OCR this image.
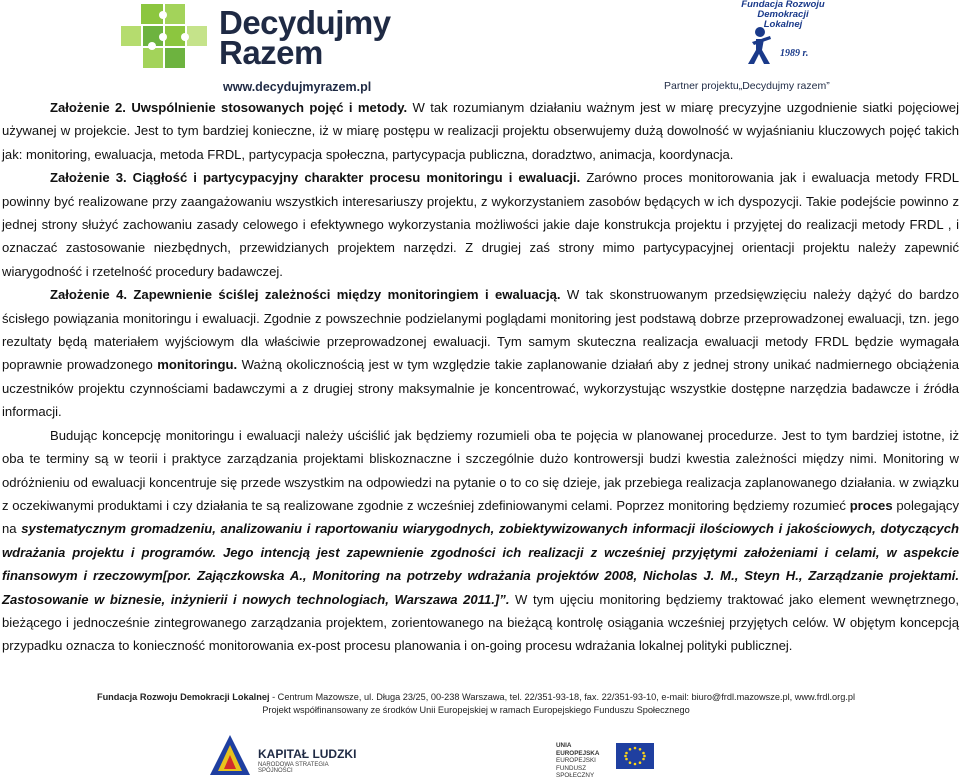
Decydujmy
Razem
www.decydujmyrazem.pl
Fundacja Rozwoju Demokracji Lokalnej
1989 r.
Partner projektu„Decydujmy razem”

Założenie 2. Uwspólnienie stosowanych pojęć i metody. W tak rozumianym działaniu ważnym jest w miarę precyzyjne uzgodnienie siatki pojęciowej używanej w projekcie. Jest to tym bardziej konieczne, iż w miarę postępu w realizacji projektu obserwujemy dużą dowolność w wyjaśnianiu kluczowych pojęć takich jak: monitoring, ewaluacja, metoda FRDL, partycypacja społeczna, partycypacja publiczna, doradztwo, animacja, koordynacja.

Założenie 3. Ciągłość i partycypacyjny charakter procesu monitoringu i ewaluacji. Zarówno proces monitorowania jak i ewaluacja metody FRDL powinny być realizowane przy zaangażowaniu wszystkich interesariuszy projektu, z wykorzystaniem zasobów będących w ich dyspozycji. Takie podejście powinno z jednej strony służyć zachowaniu zasady celowego i efektywnego wykorzystania możliwości jakie daje konstrukcja projektu i przyjętej do realizacji metody FRDL , i oznaczać zastosowanie niezbędnych, przewidzianych projektem narzędzi. Z drugiej zaś strony mimo partycypacyjnej orientacji projektu należy zapewnić wiarygodność i rzetelność procedury badawczej.

Założenie 4. Zapewnienie ściślej zależności między monitoringiem i ewaluacją. W tak skonstruowanym przedsięwzięciu należy dążyć do bardzo ścisłego powiązania monitoringu i ewaluacji. Zgodnie z powszechnie podzielanymi poglądami monitoring jest podstawą dobrze przeprowadzonej ewaluacji, tzn. jego rezultaty będą materiałem wyjściowym dla właściwie przeprowadzonej ewaluacji. Tym samym skuteczna realizacja ewaluacji metody FRDL będzie wymagała poprawnie prowadzonego monitoringu. Ważną okolicznością jest w tym względzie takie zaplanowanie działań aby z jednej strony unikać nadmiernego obciążenia uczestników projektu czynnościami badawczymi a z drugiej strony maksymalnie je koncentrować, wykorzystując wszystkie dostępne narzędzia badawcze i źródła informacji.

Budując koncepcję monitoringu i ewaluacji należy uściślić jak będziemy rozumieli oba te pojęcia w planowanej procedurze. Jest to tym bardziej istotne, iż oba te terminy są w teorii i praktyce zarządzania projektami bliskoznaczne i szczególnie dużo kontrowersji budzi kwestia zależności między nimi. Monitoring w odróżnieniu od ewaluacji koncentruje się przede wszystkim na odpowiedzi na pytanie o to co się dzieje, jak przebiega realizacja zaplanowanego działania. w związku z oczekiwanymi produktami i czy działania te są realizowane zgodnie z wcześniej zdefiniowanymi celami. Poprzez monitoring będziemy rozumieć proces polegający na systematycznym gromadzeniu, analizowaniu i raportowaniu wiarygodnych, zobiektywizowanych informacji ilościowych i jakościowych, dotyczących wdrażania projektu i programów. Jego intencją jest zapewnienie zgodności ich realizacji z wcześniej przyjętymi założeniami i celami, w aspekcie finansowym i rzeczowym[por. Zajączkowska A., Monitoring na potrzeby wdrażania projektów 2008, Nicholas J. M., Steyn H., Zarządzanie projektami. Zastosowanie w biznesie, inżynierii i nowych technologiach, Warszawa 2011.]”. W tym ujęciu monitoring będziemy traktować jako element wewnętrznego, bieżącego i jednocześnie zintegrowanego zarządzania projektem, zorientowanego na bieżącą kontrolę osiągania wcześniej przyjętych celów. W objętym koncepcją przypadku oznacza to konieczność monitorowania ex-post procesu planowania i on-going procesu wdrażania lokalnej polityki publicznej.

Fundacja Rozwoju Demokracji Lokalnej - Centrum Mazowsze, ul. Długa 23/25, 00-238 Warszawa, tel. 22/351-93-18, fax. 22/351-93-10, e-mail: biuro@frdl.mazowsze.pl, www.frdl.org.pl
Projekt współfinansowany ze środków Unii Europejskiej w ramach Europejskiego Funduszu Społecznego
KAPITAŁ LUDZKI
NARODOWA STRATEGIA SPÓJNOŚCI
UNIA EUROPEJSKA
EUROPEJSKI
FUNDUSZ SPOŁECZNY
